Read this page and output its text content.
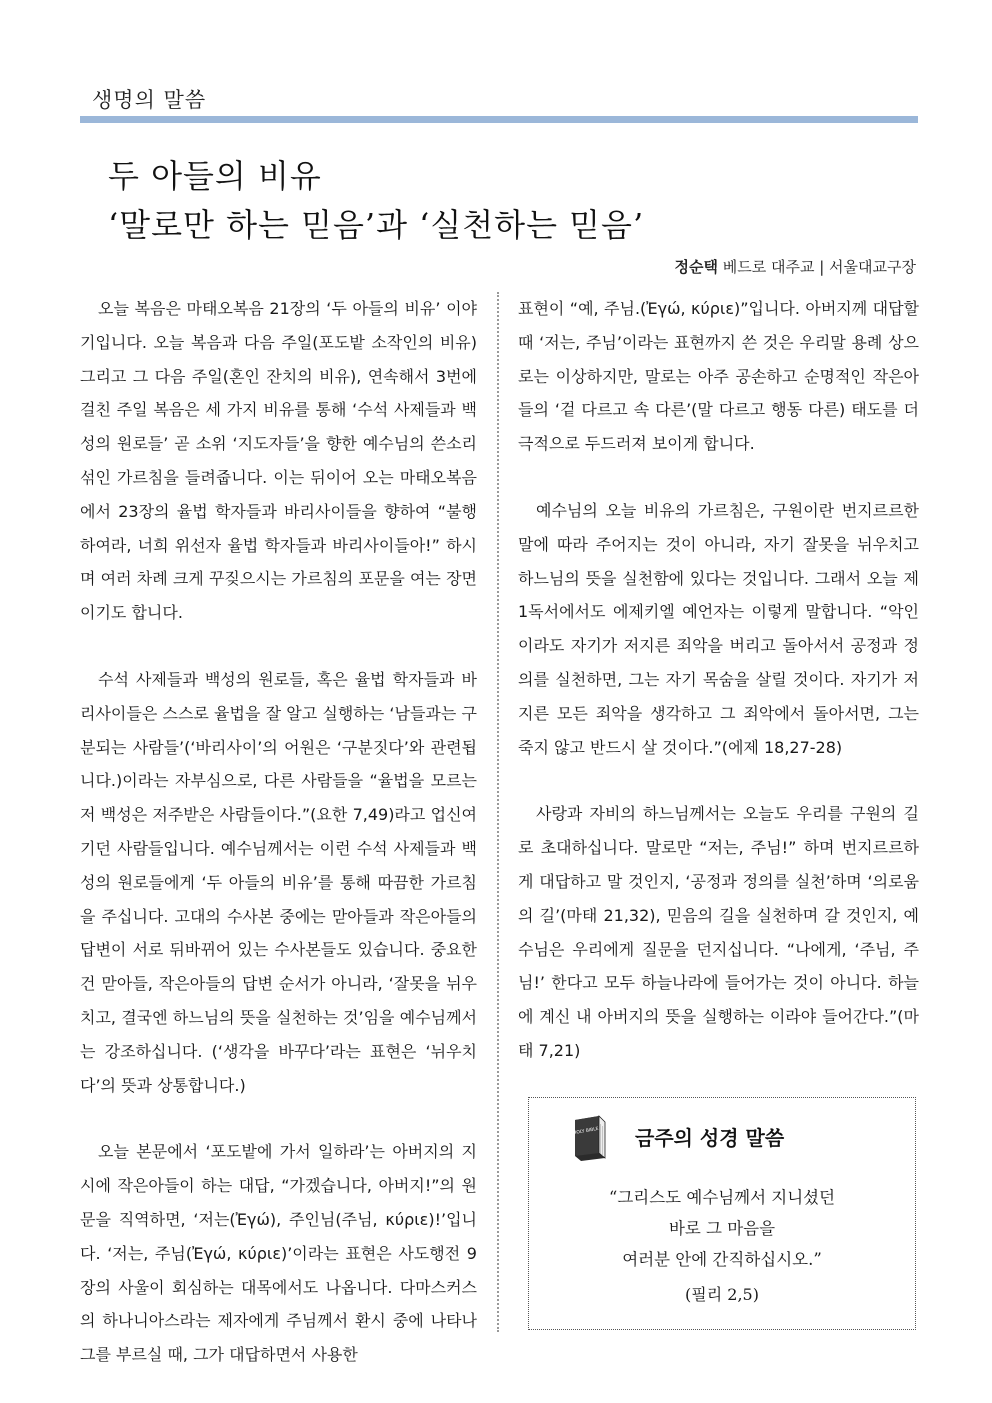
생명의 말씀
두 아들의 비유
‘말로만 하는 믿음’과 ‘실천하는 믿음’
정순택 베드로 대주교 | 서울대교구장

오늘 복음은 마태오복음 21장의 ‘두 아들의 비유’ 이야기입니다. 오늘 복음과 다음 주일(포도밭 소작인의 비유) 그리고 그 다음 주일(혼인 잔치의 비유), 연속해서 3번에 걸친 주일 복음은 세 가지 비유를 통해 ‘수석 사제들과 백성의 원로들’ 곧 소위 ‘지도자들’을 향한 예수님의 쓴소리 섞인 가르침을 들려줍니다. 이는 뒤이어 오는 마태오복음에서 23장의 율법 학자들과 바리사이들을 향하여 “불행하여라, 너희 위선자 율법 학자들과 바리사이들아!” 하시며 여러 차례 크게 꾸짖으시는 가르침의 포문을 여는 장면이기도 합니다.

수석 사제들과 백성의 원로들, 혹은 율법 학자들과 바리사이들은 스스로 율법을 잘 알고 실행하는 ‘남들과는 구분되는 사람들’(‘바리사이’의 어원은 ‘구분짓다’와 관련됩니다.)이라는 자부심으로, 다른 사람들을 “율법을 모르는 저 백성은 저주받은 사람들이다.”(요한 7,49)라고 업신여기던 사람들입니다. 예수님께서는 이런 수석 사제들과 백성의 원로들에게 ‘두 아들의 비유’를 통해 따끔한 가르침을 주십니다. 고대의 수사본 중에는 맏아들과 작은아들의 답변이 서로 뒤바뀌어 있는 수사본들도 있습니다. 중요한 건 맏아들, 작은아들의 답변 순서가 아니라, ‘잘못을 뉘우치고, 결국엔 하느님의 뜻을 실천하는 것’임을 예수님께서는 강조하십니다. (‘생각을 바꾸다’라는 표현은 ‘뉘우치다’의 뜻과 상통합니다.)

오늘 본문에서 ‘포도밭에 가서 일하라’는 아버지의 지시에 작은아들이 하는 대답, “가겠습니다, 아버지!”의 원문을 직역하면, ‘저는(Ἐγώ), 주인님(주님, κύριε)!’입니다. ‘저는, 주님(Ἐγώ, κύριε)’이라는 표현은 사도행전 9장의 사울이 회심하는 대목에서도 나옵니다. 다마스커스의 하나니아스라는 제자에게 주님께서 환시 중에 나타나 그를 부르실 때, 그가 대답하면서 사용한

표현이 “예, 주님.(Ἐγώ, κύριε)”입니다. 아버지께 대답할 때 ‘저는, 주님’이라는 표현까지 쓴 것은 우리말 용례 상으로는 이상하지만, 말로는 아주 공손하고 순명적인 작은아들의 ‘겉 다르고 속 다른’(말 다르고 행동 다른) 태도를 더 극적으로 두드러져 보이게 합니다.

예수님의 오늘 비유의 가르침은, 구원이란 번지르르한 말에 따라 주어지는 것이 아니라, 자기 잘못을 뉘우치고 하느님의 뜻을 실천함에 있다는 것입니다. 그래서 오늘 제1독서에서도 에제키엘 예언자는 이렇게 말합니다. “악인이라도 자기가 저지른 죄악을 버리고 돌아서서 공정과 정의를 실천하면, 그는 자기 목숨을 살릴 것이다. 자기가 저지른 모든 죄악을 생각하고 그 죄악에서 돌아서면, 그는 죽지 않고 반드시 살 것이다.”(에제 18,27-28)

사랑과 자비의 하느님께서는 오늘도 우리를 구원의 길로 초대하십니다. 말로만 “저는, 주님!” 하며 번지르르하게 대답하고 말 것인지, ‘공정과 정의를 실천’하며 ‘의로움의 길’(마태 21,32), 믿음의 길을 실천하며 갈 것인지, 예수님은 우리에게 질문을 던지십니다. “나에게, ‘주님, 주님!’ 한다고 모두 하늘나라에 들어가는 것이 아니다. 하늘에 계신 내 아버지의 뜻을 실행하는 이라야 들어간다.”(마태 7,21)

HOLY BIBLE 금주의 성경 말씀
“그리스도 예수님께서 지니셨던
바로 그 마음을
여러분 안에 간직하십시오.”
(필리 2,5)
